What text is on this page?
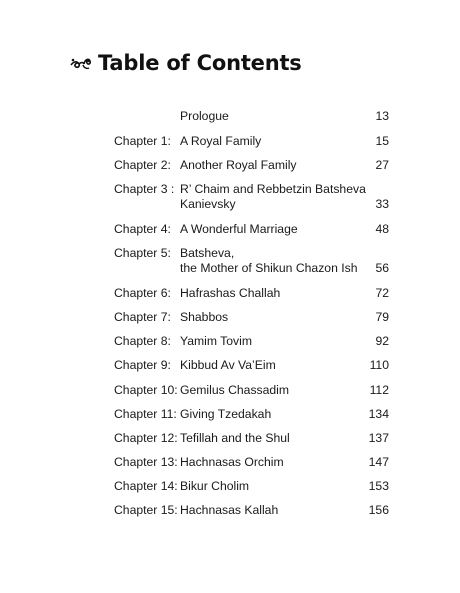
Table of Contents
Prologue	13
Chapter 1: A Royal Family	15
Chapter 2: Another Royal Family	27
Chapter 3 : R’ Chaim and Rebbetzin Batsheva
Kanievsky	33
Chapter 4: A Wonderful Marriage	48
Chapter 5: Batsheva,
the Mother of Shikun Chazon Ish	56
Chapter 6: Hafrashas Challah	72
Chapter 7: Shabbos	79
Chapter 8: Yamim Tovim	92
Chapter 9: Kibbud Av Va’Eim	110
Chapter 10: Gemilus Chassadim	112
Chapter 11: Giving Tzedakah	134
Chapter 12: Tefillah and the Shul	137
Chapter 13: Hachnasas Orchim	147
Chapter 14: Bikur Cholim	153
Chapter 15: Hachnasas Kallah	156
